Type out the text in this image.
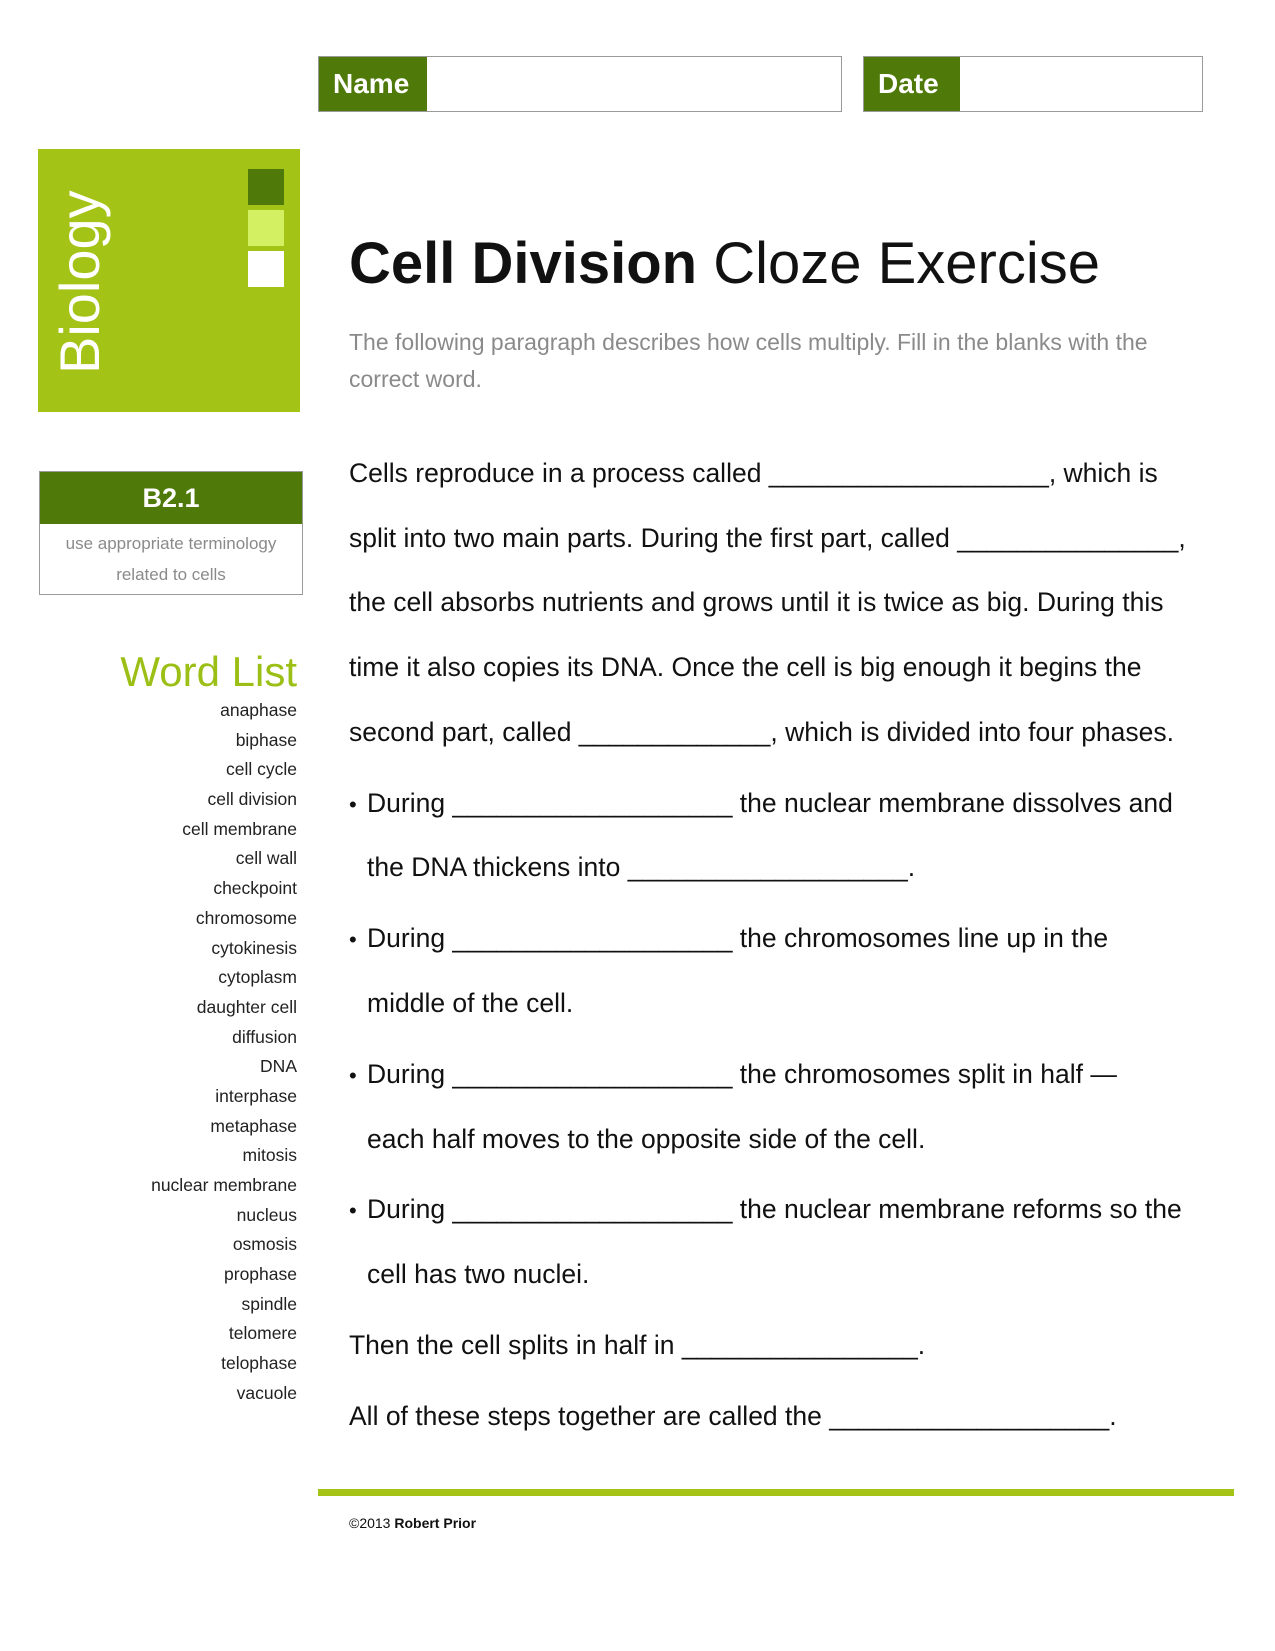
Name	Date
Biology
B2.1
use appropriate terminology
related to cells
Word List
anaphase
biphase
cell cycle
cell division
cell membrane
cell wall
checkpoint
chromosome
cytokinesis
cytoplasm
daughter cell
diffusion
DNA
interphase
metaphase
mitosis
nuclear membrane
nucleus
osmosis
prophase
spindle
telomere
telophase
vacuole
Cell Division Cloze Exercise

The following paragraph describes how cells multiply. Fill in the blanks with the correct word.

Cells reproduce in a process called ___________________, which is
split into two main parts. During the first part, called _______________,
the cell absorbs nutrients and grows until it is twice as big. During this
time it also copies its DNA. Once the cell is big enough it begins the
second part, called _____________, which is divided into four phases.
• During ___________________ the nuclear membrane dissolves and
the DNA thickens into ___________________.
• During ___________________ the chromosomes line up in the
middle of the cell.
• During ___________________ the chromosomes split in half —
each half moves to the opposite side of the cell.
• During ___________________ the nuclear membrane reforms so the
cell has two nuclei.
Then the cell splits in half in ________________.
All of these steps together are called the ___________________.
©2013 Robert Prior
